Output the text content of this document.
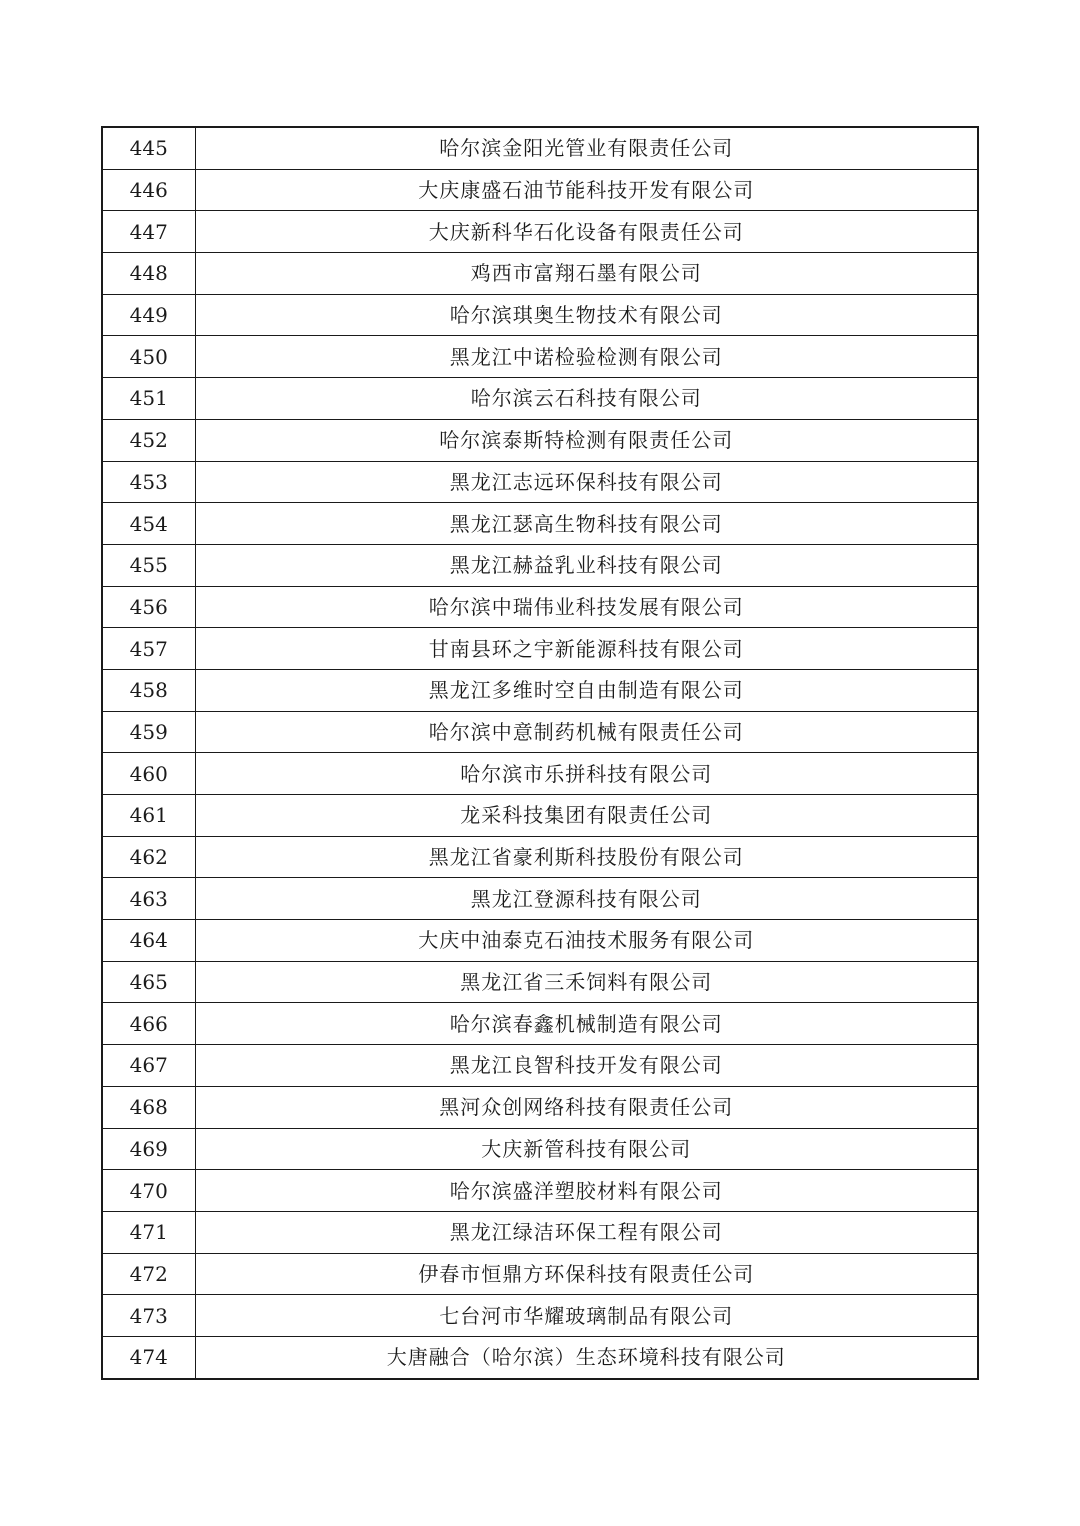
445	哈尔滨金阳光管业有限责任公司
446	大庆康盛石油节能科技开发有限公司
447	大庆新科华石化设备有限责任公司
448	鸡西市富翔石墨有限公司
449	哈尔滨琪奥生物技术有限公司
450	黑龙江中诺检验检测有限公司
451	哈尔滨云石科技有限公司
452	哈尔滨泰斯特检测有限责任公司
453	黑龙江志远环保科技有限公司
454	黑龙江瑟高生物科技有限公司
455	黑龙江赫益乳业科技有限公司
456	哈尔滨中瑞伟业科技发展有限公司
457	甘南县环之宇新能源科技有限公司
458	黑龙江多维时空自由制造有限公司
459	哈尔滨中意制药机械有限责任公司
460	哈尔滨市乐拼科技有限公司
461	龙采科技集团有限责任公司
462	黑龙江省豪利斯科技股份有限公司
463	黑龙江登源科技有限公司
464	大庆中油泰克石油技术服务有限公司
465	黑龙江省三禾饲料有限公司
466	哈尔滨春鑫机械制造有限公司
467	黑龙江良智科技开发有限公司
468	黑河众创网络科技有限责任公司
469	大庆新管科技有限公司
470	哈尔滨盛洋塑胶材料有限公司
471	黑龙江绿洁环保工程有限公司
472	伊春市恒鼎方环保科技有限责任公司
473	七台河市华耀玻璃制品有限公司
474	大唐融合（哈尔滨）生态环境科技有限公司
